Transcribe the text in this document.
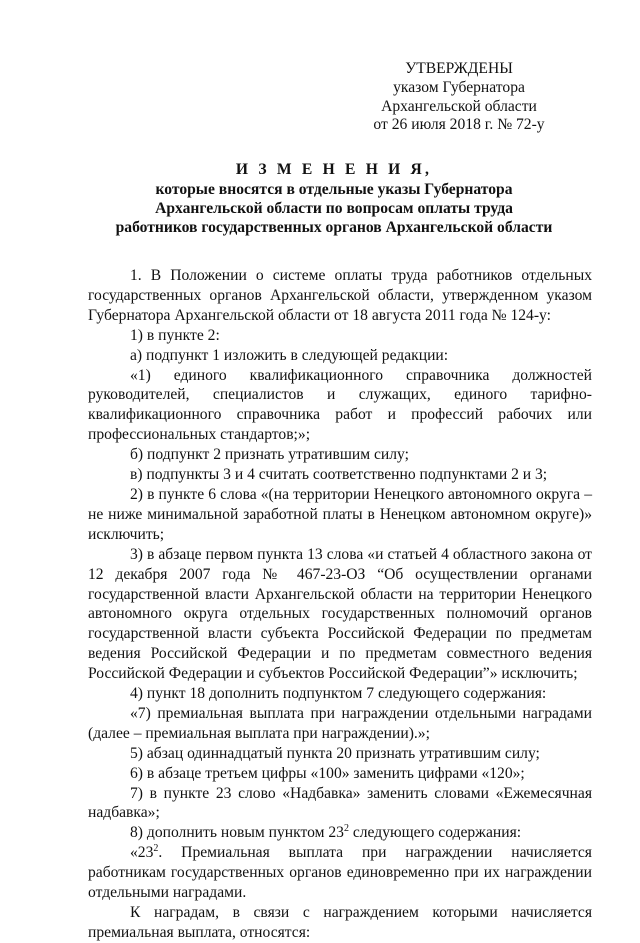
УТВЕРЖДЕНЫ
указом Губернатора
Архангельской области
от 26 июля 2018 г. № 72-у
И З М Е Н Е Н И Я,
которые вносятся в отдельные указы Губернатора
Архангельской области по вопросам оплаты труда
работников государственных органов Архангельской области

1. В Положении о системе оплаты труда работников отдельных государственных органов Архангельской области, утвержденном указом Губернатора Архангельской области от 18 августа 2011 года № 124-у:

1) в пункте 2:

а) подпункт 1 изложить в следующей редакции:

«1) единого квалификационного справочника должностей руководителей, специалистов и служащих, единого тарифно-квалификационного справочника работ и профессий рабочих или профессиональных стандартов;»;

б) подпункт 2 признать утратившим силу;

в) подпункты 3 и 4 считать соответственно подпунктами 2 и 3;

2) в пункте 6 слова «(на территории Ненецкого автономного округа – не ниже минимальной заработной платы в Ненецком автономном округе)» исключить;

3) в абзаце первом пункта 13 слова «и статьей 4 областного закона от 12 декабря 2007 года № 467-23-ОЗ “Об осуществлении органами государственной власти Архангельской области на территории Ненецкого автономного округа отдельных государственных полномочий органов государственной власти субъекта Российской Федерации по предметам ведения Российской Федерации и по предметам совместного ведения Российской Федерации и субъектов Российской Федерации”» исключить;

4) пункт 18 дополнить подпунктом 7 следующего содержания:

«7) премиальная выплата при награждении отдельными наградами (далее – премиальная выплата при награждении).»;

5) абзац одиннадцатый пункта 20 признать утратившим силу;

6) в абзаце третьем цифры «100» заменить цифрами «120»;

7) в пункте 23 слово «Надбавка» заменить словами «Ежемесячная надбавка»;

8) дополнить новым пунктом $23^2$ следующего содержания:

«$23^2$. Премиальная выплата при награждении начисляется работникам государственных органов единовременно при их награждении отдельными наградами.

К наградам, в связи с награждением которыми начисляется премиальная выплата, относятся:
